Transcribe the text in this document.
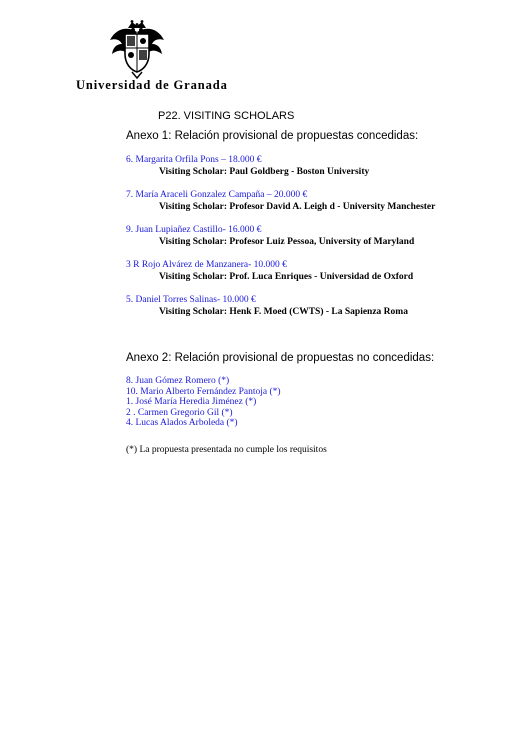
Universidad de Granada
P22. VISITING SCHOLARS
Anexo 1: Relación provisional de propuestas concedidas:
6. Margarita Orfila Pons – 18.000 €
Visiting Scholar: Paul Goldberg - Boston University
7. María Araceli Gonzalez Campaña – 20.000 €
Visiting Scholar: Profesor David A. Leigh d - University Manchester
9. Juan Lupiañez Castillo- 16.000 €
Visiting Scholar: Profesor Luiz Pessoa, University of Maryland
3 R Rojo Alvárez de Manzanera- 10.000 €
Visiting Scholar: Prof. Luca Enriques - Universidad de Oxford
5. Daniel Torres Salinas- 10.000 €
Visiting Scholar: Henk F. Moed (CWTS) - La Sapienza Roma
Anexo 2: Relación provisional de propuestas no concedidas:
8. Juan Gómez Romero (*)
10. Mario Alberto Fernández Pantoja (*)
1. José María Heredia Jiménez (*)
2 . Carmen Gregorio Gil (*)
4. Lucas Alados Arboleda (*)
(*) La propuesta presentada no cumple los requisitos
